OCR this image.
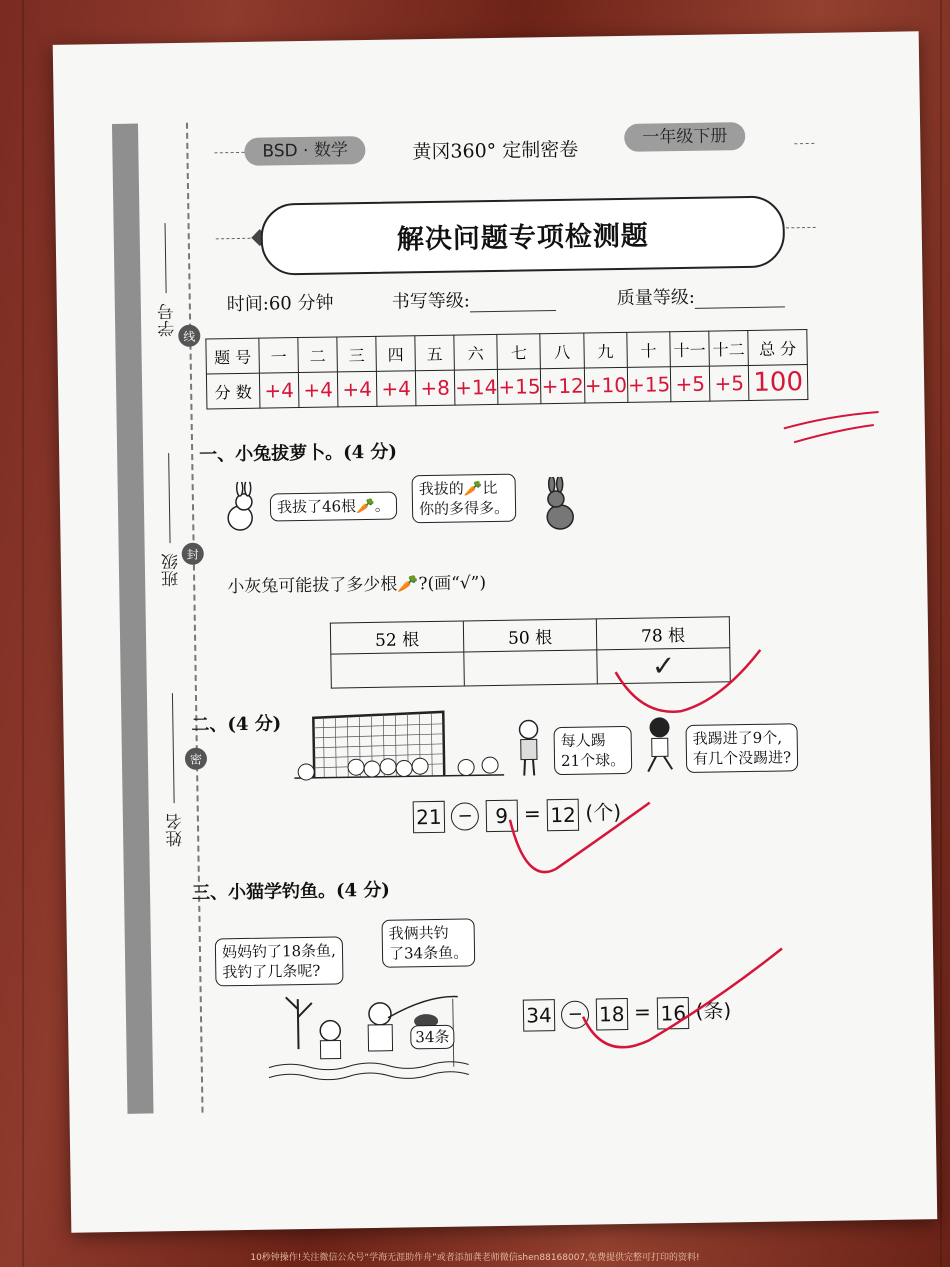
学号
班级
姓名
线
封
密
BSD · 数学	黄冈360° 定制密卷
一年级下册
解决问题专项检测题
时间:60 分钟	书写等级:	质量等级:
题 号	一	二	三	四	五	六	七	八	九	十	十一	十二	总 分
分 数	+4	+4	+4	+4	+8	+14	+15	+12	+10	+15	+5	+5	100
一、小兔拔萝卜。(4 分)
我拔了46根🥕。
我拔的🥕比
你的多得多。
小灰兔可能拔了多少根🥕?(画“√”)
52 根	50 根	78 根
		✓
二、(4 分)
每人踢
21个球。
我踢进了9个,
有几个没踢进?
21 − 9 = 12 (个)
三、小猫学钓鱼。(4 分)
妈妈钓了18条鱼,
我钓了几条呢?
我俩共钓
了34条鱼。
34条
34 − 18 = 16 (条)
10秒钟操作!关注微信公众号“学海无涯助作舟”或者添加龚老师微信shen88168007,免费提供完整可打印的资料!
